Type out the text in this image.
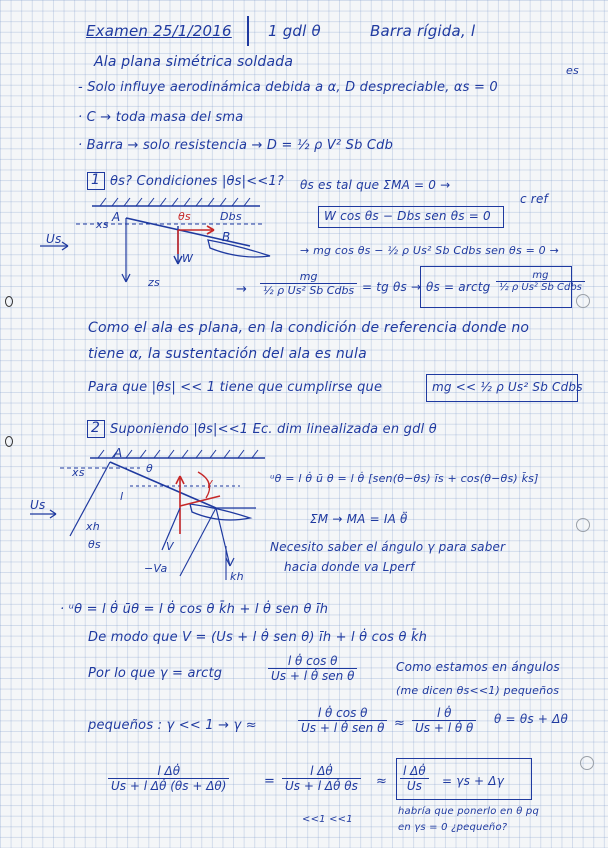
Examen 25/1/2016 1 gdl θ	Barra rígida, l
es
Ala plana simétrica soldada
- Solo influye aerodinámica debida a α, D despreciable, αs = 0
· C → toda masa del sma
· Barra → solo resistencia → D = ½ ρ V² Sb Cdb
1 θs? Condiciones |θs|<<1?
A
B
xs
zs
W
θs	Dbs
Us
θs es tal que ΣMA = 0 →
W cos θs − Dbs sen θs = 0
c ref
→ mg cos θs − ½ ρ Us² Sb Cdbs sen θs = 0 →
→
mg
½ ρ Us² Sb Cdbs = tg θs → θs = arctg
mg
½ ρ Us² Sb Cdbs
Como el ala es plana, en la condición de referencia donde no
tiene α, la sustentación del ala es nula
Para que |θs| << 1 tiene que cumplirse que	mg << ½ ρ Us² Sb Cdbs
2 Suponiendo |θs|<<1 Ec. dim linealizada en gdl θ
A
xs
xh
Us
kh
θ
θs
γ
V
−Va
l
ᵘθ = l θ̇ ū θ = l θ̇ [sen(θ−θs) īs + cos(θ−θs) k̄s]
ΣM → MA = IA θ̈
Necesito saber el ángulo γ para saber
hacia donde va Lperf
· ᵘθ = l θ̇ ūθ = l θ̇ cos θ k̄h + l θ̇ sen θ īh
De modo que V = (Us + l θ̇ sen θ) īh + l θ̇ cos θ k̄h
Por lo que γ = arctg
l θ̇ cos θ
Us + l θ̇ sen θ
Como estamos en ángulos
(me dicen θs<<1) pequeños
pequeños : γ << 1 → γ ≈
l θ̇ cos θ
Us + l θ̇ sen $\theta \approx \frac{\text{l θ̇}}{\text{Us + l θ̇ θ}}$ θ = θs + Δθ
$\frac{\text{l Δθ̇}}{\text{Us + l Δθ̇ (θs + Δθ)}}$	= $\frac{\text{l Δθ̇}}{\text{Us + l Δθ̇ θs}} \approx \frac{\text{l Δθ̇}}{Us} = \gamma s + \Delta\gamma$
<<1 <<1
habría que ponerlo en θ pq
en γs = 0 ¿pequeño?
